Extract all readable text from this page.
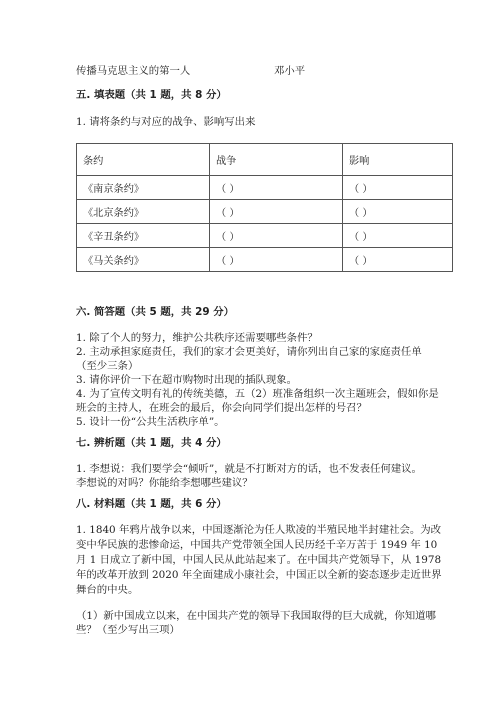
传播马克思主义的第一人	邓小平
五. 填表题（共 1 题，共 8 分）
1. 请将条约与对应的战争、影响写出来
条约	战争	影响
《南京条约》	（ ）	（ ）
《北京条约》	（ ）	（ ）
《辛丑条约》	（ ）	（ ）
《马关条约》	（ ）	（ ）
六. 简答题（共 5 题，共 29 分）
1. 除了个人的努力，维护公共秩序还需要哪些条件？
2. 主动承担家庭责任，我们的家才会更美好，请你列出自己家的家庭责任单
（至少三条）
3. 请你评价一下在超市购物时出现的插队现象。
4. 为了宣传文明有礼的传统美德，五（2）班准备组织一次主题班会，假如你是
班会的主持人，在班会的最后，你会向同学们提出怎样的号召？
5. 设计一份“公共生活秩序单”。
七. 辨析题（共 1 题，共 4 分）
1. 李想说：我们要学会“倾听”，就是不打断对方的话，也不发表任何建议。
李想说的对吗？你能给李想哪些建议？
八. 材料题（共 1 题，共 6 分）
1. 1840 年鸦片战争以来，中国逐渐沦为任人欺凌的半殖民地半封建社会。为改
变中华民族的悲惨命运，中国共产党带领全国人民历经千辛万苦于 1949 年 10
月 1 日成立了新中国，中国人民从此站起来了。在中国共产党领导下，从 1978
年的改革开放到 2020 年全面建成小康社会，中国正以全新的姿态逐步走近世界
舞台的中央。
（1）新中国成立以来，在中国共产党的领导下我国取得的巨大成就，你知道哪
些？（至少写出三项）
